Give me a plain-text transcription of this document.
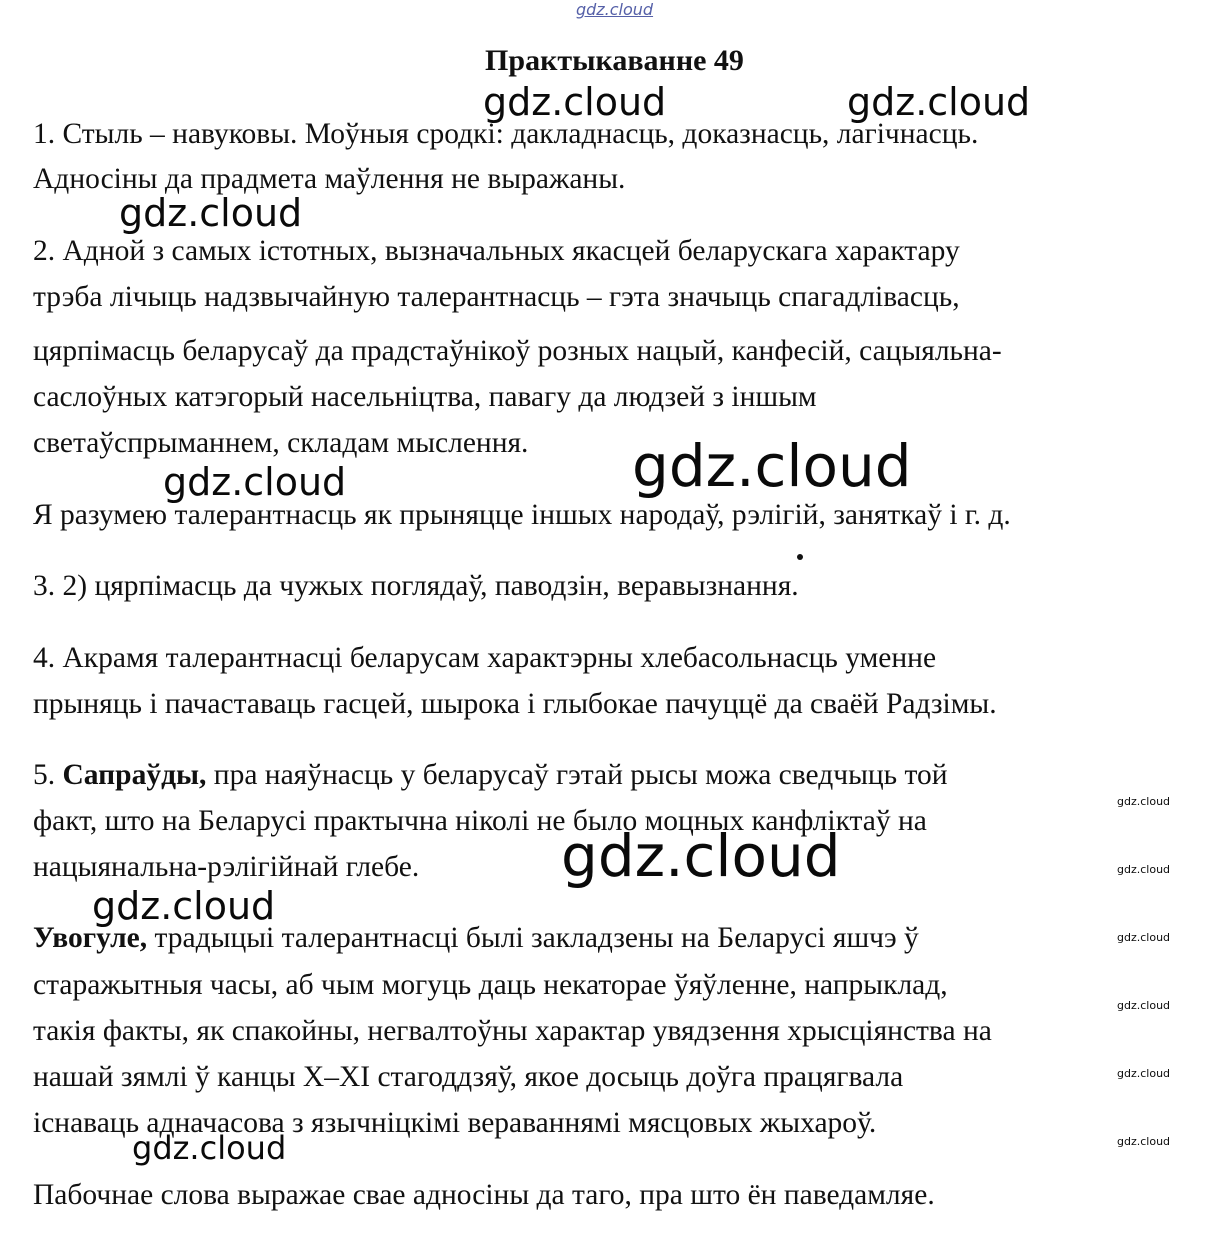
gdz.cloud
Практыкаванне 49

1. Стыль – навуковы. Моўныя сродкі: дакладнасць, доказнасць, лагічнасць.

Адносіны да прадмета маўлення не выражаны.

2. Адной з самых істотных, вызначальных якасцей беларускага характару

трэба лічыць надзвычайную талерантнасць – гэта значыць спагадлівасць,

цярпімасць беларусаў да прадстаўнікоў розных нацый, канфесій, сацыяльна-

саслоўных катэгорый насельніцтва, павагу да людзей з іншым

светаўспрыманнем, складам мыслення.

Я разумею талерантнасць як прыняцце іншых народаў, рэлігій, заняткаў і г. д.

3. 2) цярпімасць да чужых поглядаў, паводзін, веравызнання.

4. Акрамя талерантнасці беларусам характэрны хлебасольнасць уменне

прыняць і пачаставаць гасцей, шырока і глыбокае пачуццё да сваёй Радзімы.

5. Сапраўды, пра наяўнасць у беларусаў гэтай рысы можа сведчыць той

факт, што на Беларусі практычна ніколі не было моцных канфліктаў на

нацыянальна-рэлігійнай глебе.

Увогуле, традыцыі талерантнасці былі закладзены на Беларусі яшчэ ў

старажытныя часы, аб чым могуць даць некаторае ўяўленне, напрыклад,

такія факты, як спакойны, негвалтоўны характар увядзення хрысціянства на

нашай зямлі ў канцы X–XI стагоддзяў, якое досыць доўга працягвала

існаваць адначасова з язычніцкімі вераваннямі мясцовых жыхароў.

Пабочнае слова выражае свае адносіны да таго, пра што ён паведамляе.

gdz.cloud	gdz.cloud
gdz.cloud
gdz.cloud
gdz.cloud
gdz.cloud
gdz.cloud
gdz.cloud
gdz.cloud
gdz.cloud
gdz.cloud
gdz.cloud
gdz.cloud
gdz.cloud
